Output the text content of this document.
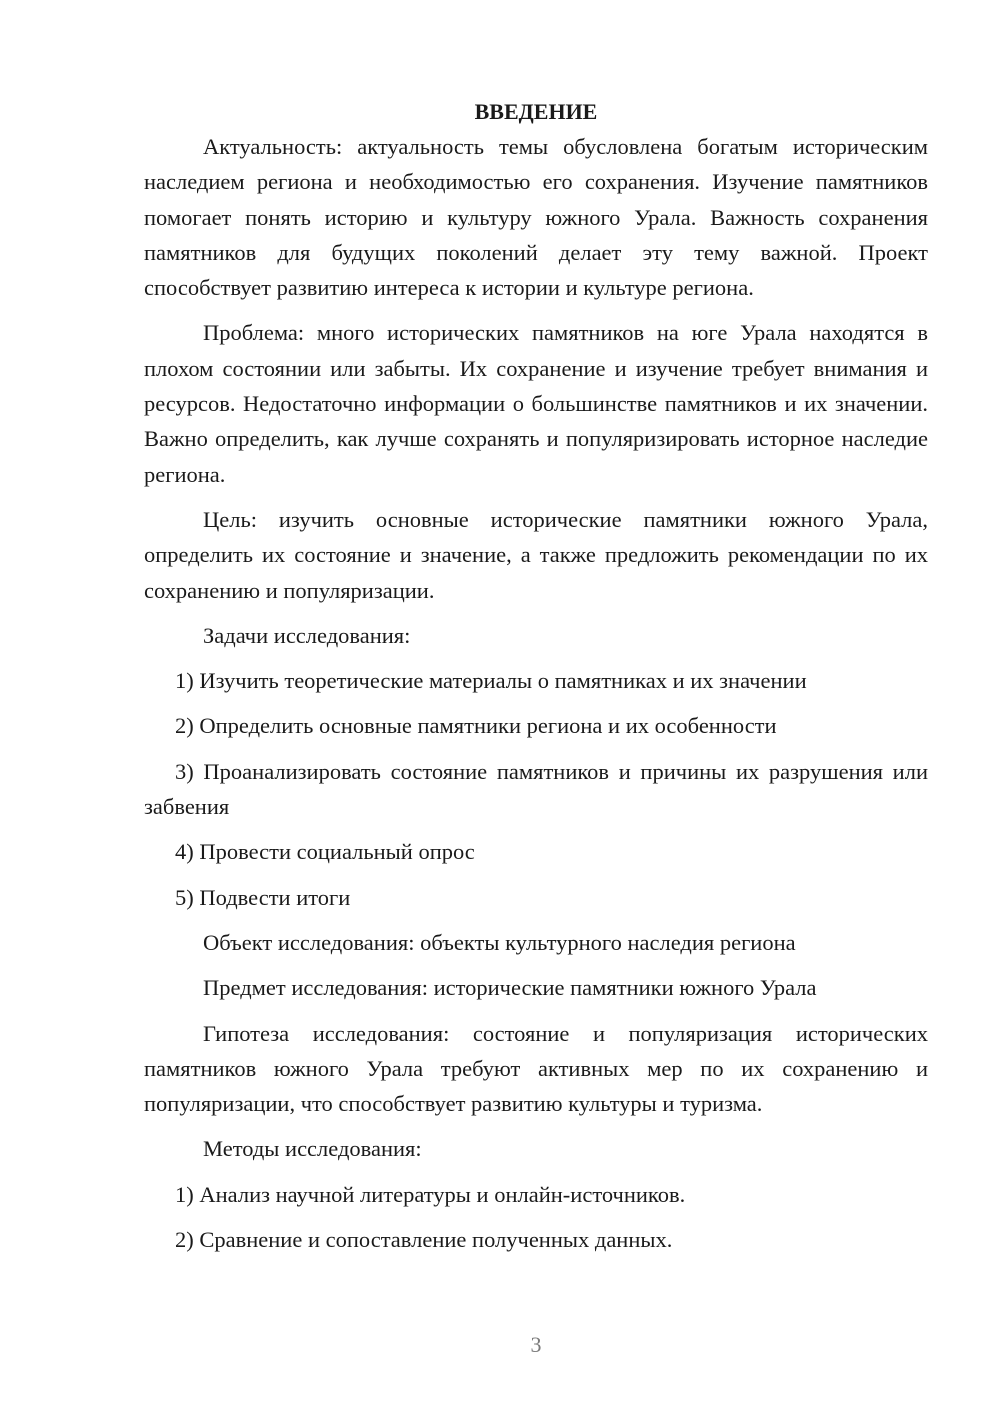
ВВЕДЕНИЕ

Актуальность: актуальность темы обусловлена богатым историческим наследием региона и необходимостью его сохранения. Изучение памятников помогает понять историю и культуру южного Урала. Важность сохранения памятников для будущих поколений делает эту тему важной. Проект способствует развитию интереса к истории и культуре региона.

Проблема: много исторических памятников на юге Урала находятся в плохом состоянии или забыты. Их сохранение и изучение требует внимания и ресурсов. Недостаточно информации о большинстве памятников и их значении. Важно определить, как лучше сохранять и популяризировать исторное наследие региона.

Цель: изучить основные исторические памятники южного Урала, определить их состояние и значение, а также предложить рекомендации по их сохранению и популяризации.

Задачи исследования:

1) Изучить теоретические материалы о памятниках и их значении

2) Определить основные памятники региона и их особенности

3) Проанализировать состояние памятников и причины их разрушения или забвения

4) Провести социальный опрос

5) Подвести итоги

Объект исследования: объекты культурного наследия региона

Предмет исследования: исторические памятники южного Урала

Гипотеза исследования: состояние и популяризация исторических памятников южного Урала требуют активных мер по их сохранению и популяризации, что способствует развитию культуры и туризма.

Методы исследования:

1) Анализ научной литературы и онлайн-источников.

2) Сравнение и сопоставление полученных данных.

3
